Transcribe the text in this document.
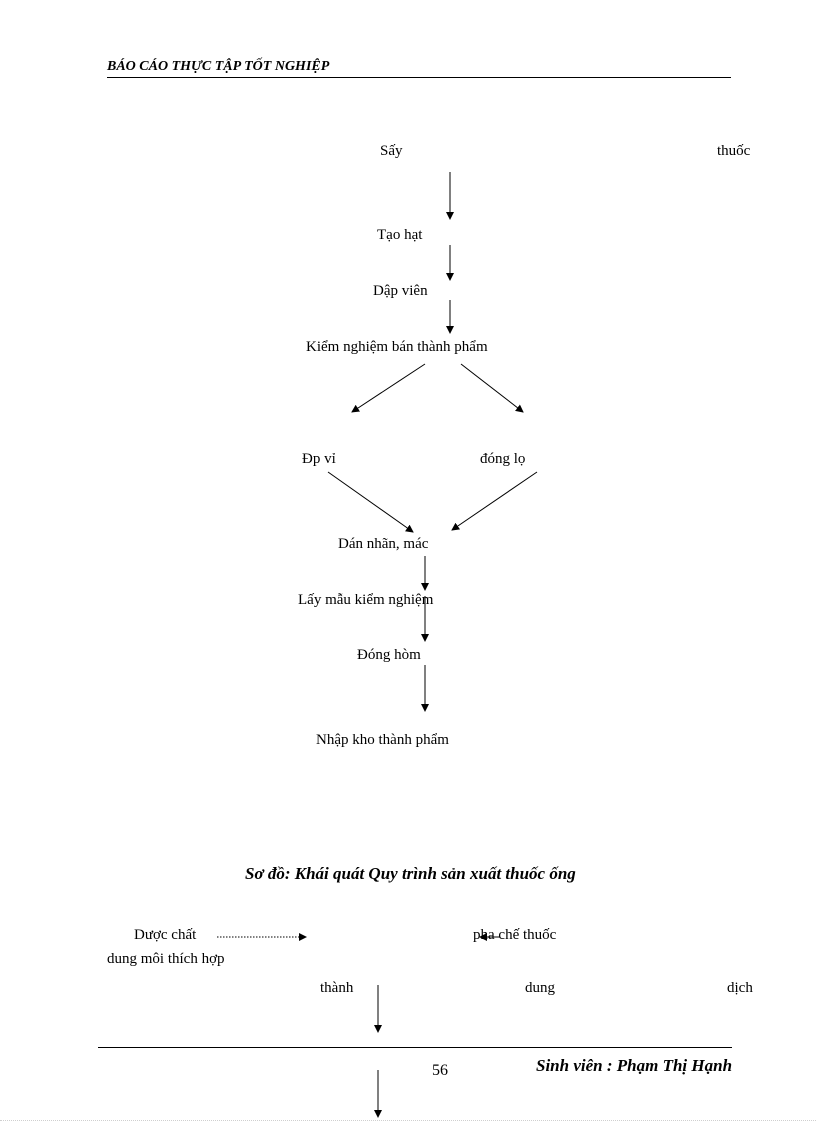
BÁO CÁO THỰC TẬP TỐT NGHIỆP
Sấy	thuốc
Tạo hạt
Dập viên
Kiểm nghiệm bán thành phẩm
Đp vỉ	đóng lọ
Dán nhãn, mác
Lấy mẫu kiểm nghiệm
Đóng hòm
Nhập kho thành phẩm
Sơ đồ: Khái quát Quy trình sản xuất thuốc ống
Dược chất	pha chế thuốc
dung môi thích hợp
thành	dung	dịch
56	Sinh viên : Phạm Thị Hạnh
